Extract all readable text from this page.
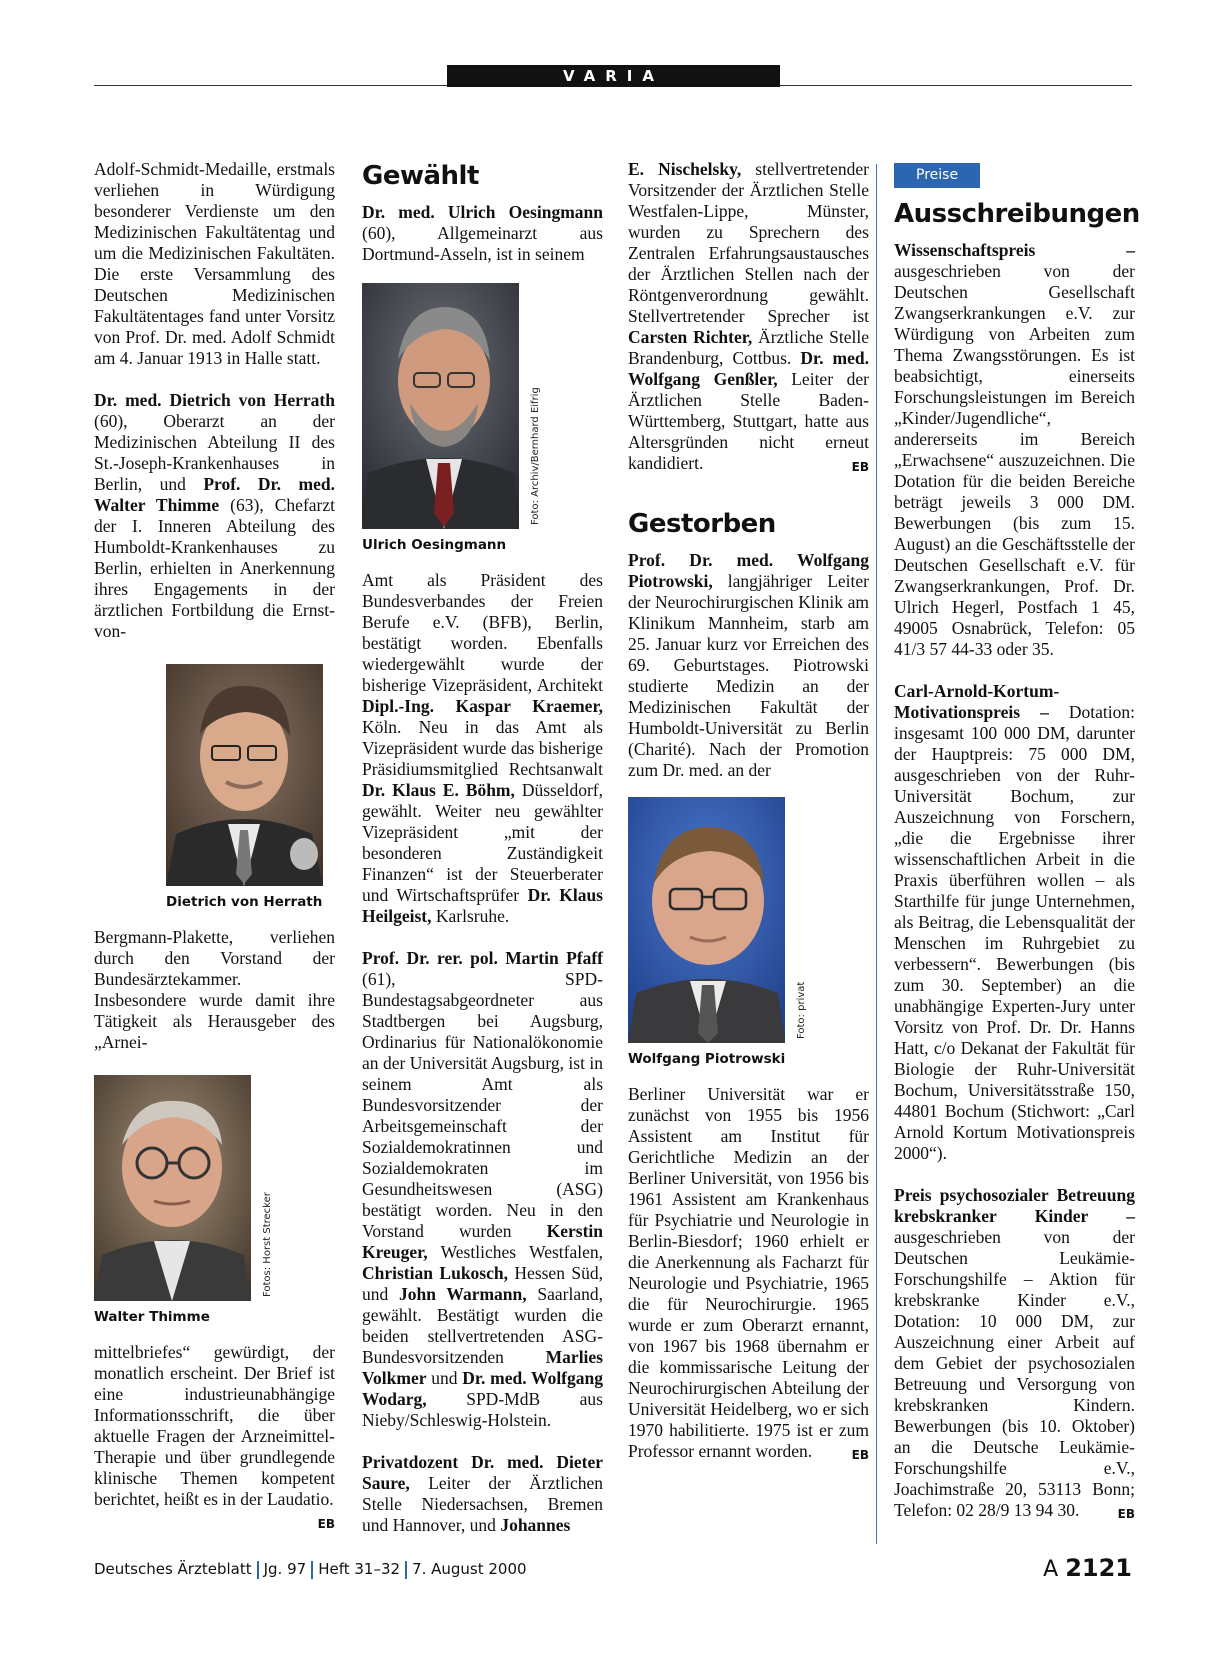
VARIA

Adolf-Schmidt-Medaille, erstmals verliehen in Würdigung besonderer Verdienste um den Medizinischen Fakultätentag und um die Medizinischen Fakultäten. Die erste Versammlung des Deutschen Medizinischen Fakultätentages fand unter Vorsitz von Prof. Dr. med. Adolf Schmidt am 4. Januar 1913 in Halle statt.

Dr. med. Dietrich von Herrath (60), Oberarzt an der Medizinischen Abteilung II des St.-Joseph-Krankenhauses in Berlin, und Prof. Dr. med. Walter Thimme (63), Chefarzt der I. Inneren Abteilung des Humboldt-Krankenhauses zu Berlin, erhielten in Anerkennung ihres Engagements in der ärztlichen Fortbildung die Ernst-von-

Dietrich von Herrath

Bergmann-Plakette, verliehen durch den Vorstand der Bundesärztekammer. Insbesondere wurde damit ihre Tätigkeit als Herausgeber des „Arnei-

Fotos: Horst Strecker
Walter Thimme

mittelbriefes“ gewürdigt, der monatlich erscheint. Der Brief ist eine industrieunabhängige Informationsschrift, die über aktuelle Fragen der Arzneimittel-Therapie und über grundlegende klinische Themen kompetent berichtet, heißt es in der Laudatio.
EB

Gewählt

Dr. med. Ulrich Oesingmann (60), Allgemeinarzt aus Dortmund-Asseln, ist in seinem

Foto: Archiv/Bernhard Eifrig
Ulrich Oesingmann

Amt als Präsident des Bundesverbandes der Freien Berufe e.V. (BFB), Berlin, bestätigt worden. Ebenfalls wiedergewählt wurde der bisherige Vizepräsident, Architekt Dipl.-Ing. Kaspar Kraemer, Köln. Neu in das Amt als Vizepräsident wurde das bisherige Präsidiumsmitglied Rechtsanwalt Dr. Klaus E. Böhm, Düsseldorf, gewählt. Weiter neu gewählter Vizepräsident „mit der besonderen Zuständigkeit Finanzen“ ist der Steuerberater und Wirtschaftsprüfer Dr. Klaus Heilgeist, Karlsruhe.

Prof. Dr. rer. pol. Martin Pfaff (61), SPD-Bundestagsabgeordneter aus Stadtbergen bei Augsburg, Ordinarius für Nationalökonomie an der Universität Augsburg, ist in seinem Amt als Bundesvorsitzender der Arbeitsgemeinschaft der Sozialdemokratinnen und Sozialdemokraten im Gesundheitswesen (ASG) bestätigt worden. Neu in den Vorstand wurden Kerstin Kreuger, Westliches Westfalen, Christian Lukosch, Hessen Süd, und John Warmann, Saarland, gewählt. Bestätigt wurden die beiden stellvertretenden ASG-Bundesvorsitzenden Marlies Volkmer und Dr. med. Wolfgang Wodarg, SPD-MdB aus Nieby/Schleswig-Holstein.

Privatdozent Dr. med. Dieter Saure, Leiter der Ärztlichen Stelle Niedersachsen, Bremen und Hannover, und Johannes

E. Nischelsky, stellvertretender Vorsitzender der Ärztlichen Stelle Westfalen-Lippe, Münster, wurden zu Sprechern des Zentralen Erfahrungsaustausches der Ärztlichen Stellen nach der Röntgenverordnung gewählt. Stellvertretender Sprecher ist Carsten Richter, Ärztliche Stelle Brandenburg, Cottbus. Dr. med. Wolfgang Genßler, Leiter der Ärztlichen Stelle Baden-Württemberg, Stuttgart, hatte aus Altersgründen nicht erneut kandidiert.	EB

Gestorben

Prof. Dr. med. Wolfgang Piotrowski, langjähriger Leiter der Neurochirurgischen Klinik am Klinikum Mannheim, starb am 25. Januar kurz vor Erreichen des 69. Geburtstages. Piotrowski studierte Medizin an der Medizinischen Fakultät der Humboldt-Universität zu Berlin (Charité). Nach der Promotion zum Dr. med. an der

Foto: privat
Wolfgang Piotrowski

Berliner Universität war er zunächst von 1955 bis 1956 Assistent am Institut für Gerichtliche Medizin an der Berliner Universität, von 1956 bis 1961 Assistent am Krankenhaus für Psychiatrie und Neurologie in Berlin-Biesdorf; 1960 erhielt er die Anerkennung als Facharzt für Neurologie und Psychiatrie, 1965 die für Neurochirurgie. 1965 wurde er zum Oberarzt ernannt, von 1967 bis 1968 übernahm er die kommissarische Leitung der Neurochirurgischen Abteilung der Universität Heidelberg, wo er sich 1970 habilitierte. 1975 ist er zum Professor ernannt worden.	EB

Preise
Ausschreibungen

Wissenschaftspreis – ausgeschrieben von der Deutschen Gesellschaft Zwangserkrankungen e.V. zur Würdigung von Arbeiten zum Thema Zwangsstörungen. Es ist beabsichtigt, einerseits Forschungsleistungen im Bereich „Kinder/Jugendliche“, andererseits im Bereich „Erwachsene“ auszuzeichnen. Die Dotation für die beiden Bereiche beträgt jeweils 3 000 DM. Bewerbungen (bis zum 15. August) an die Geschäftsstelle der Deutschen Gesellschaft e.V. für Zwangserkrankungen, Prof. Dr. Ulrich Hegerl, Postfach 1 45, 49005 Osnabrück, Telefon: 05 41/3 57 44-33 oder 35.

Carl-Arnold-Kortum-Motivationspreis – Dotation: insgesamt 100 000 DM, darunter der Hauptpreis: 75 000 DM, ausgeschrieben von der Ruhr-Universität Bochum, zur Auszeichnung von Forschern, „die die Ergebnisse ihrer wissenschaftlichen Arbeit in die Praxis überführen wollen – als Starthilfe für junge Unternehmen, als Beitrag, die Lebensqualität der Menschen im Ruhrgebiet zu verbessern“. Bewerbungen (bis zum 30. September) an die unabhängige Experten-Jury unter Vorsitz von Prof. Dr. Dr. Hanns Hatt, c/o Dekanat der Fakultät für Biologie der Ruhr-Universität Bochum, Universitätsstraße 150, 44801 Bochum (Stichwort: „Carl Arnold Kortum Motivationspreis 2000“).

Preis psychosozialer Betreuung krebskranker Kinder – ausgeschrieben von der Deutschen Leukämie-Forschungshilfe – Aktion für krebskranke Kinder e.V., Dotation: 10 000 DM, zur Auszeichnung einer Arbeit auf dem Gebiet der psychosozialen Betreuung und Versorgung von krebskranken Kindern. Bewerbungen (bis 10. Oktober) an die Deutsche Leukämie-Forschungshilfe e.V., Joachimstraße 20, 53113 Bonn; Telefon: 02 28/9 13 94 30.	EB

Deutsches Ärzteblatt Jg. 97 Heft 31–32 7. August 2000	A 2121
